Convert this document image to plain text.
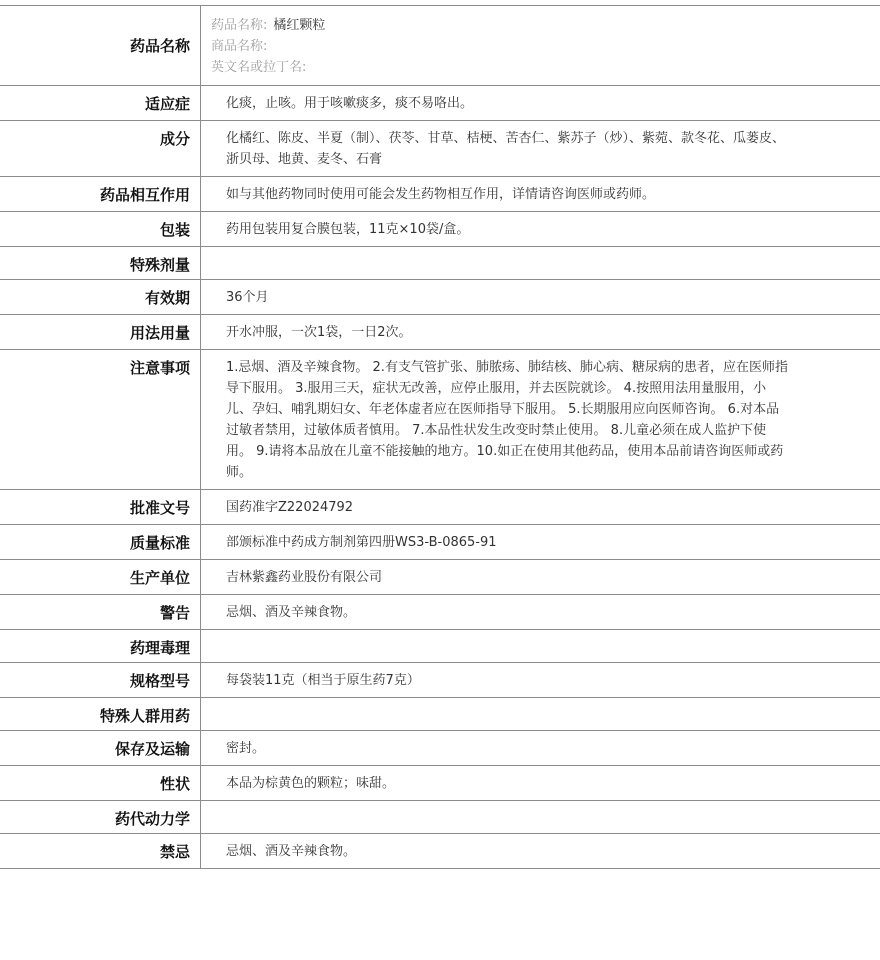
药品名称	药品名称: 橘红颗粒
商品名称:
英文名或拉丁名:

适应症	化痰，止咳。用于咳嗽痰多，痰不易咯出。
成分	化橘红、陈皮、半夏（制）、茯苓、甘草、桔梗、苦杏仁、紫苏子（炒）、紫菀、款冬花、瓜蒌皮、浙贝母、地黄、麦冬、石膏
药品相互作用	如与其他药物同时使用可能会发生药物相互作用，详情请咨询医师或药师。
包装	药用包装用复合膜包装，11克×10袋/盒。
特殊剂量	
有效期	36个月
用法用量	开水冲服，一次1袋，一日2次。
注意事项	1.忌烟、酒及辛辣食物。 2.有支气管扩张、肺脓疡、肺结核、肺心病、糖尿病的患者，应在医师指导下服用。 3.服用三天，症状无改善，应停止服用，并去医院就诊。 4.按照用法用量服用，小儿、孕妇、哺乳期妇女、年老体虚者应在医师指导下服用。 5.长期服用应向医师咨询。 6.对本品过敏者禁用，过敏体质者慎用。 7.本品性状发生改变时禁止使用。 8.儿童必须在成人监护下使用。 9.请将本品放在儿童不能接触的地方。10.如正在使用其他药品，使用本品前请咨询医师或药师。
批准文号	国药准字Z22024792
质量标准	部颁标准中药成方制剂第四册WS3-B-0865-91
生产单位	吉林紫鑫药业股份有限公司
警告	忌烟、酒及辛辣食物。
药理毒理	
规格型号	每袋装11克（相当于原生药7克）
特殊人群用药	
保存及运输	密封。
性状	本品为棕黄色的颗粒；味甜。
药代动力学	
禁忌	忌烟、酒及辛辣食物。
